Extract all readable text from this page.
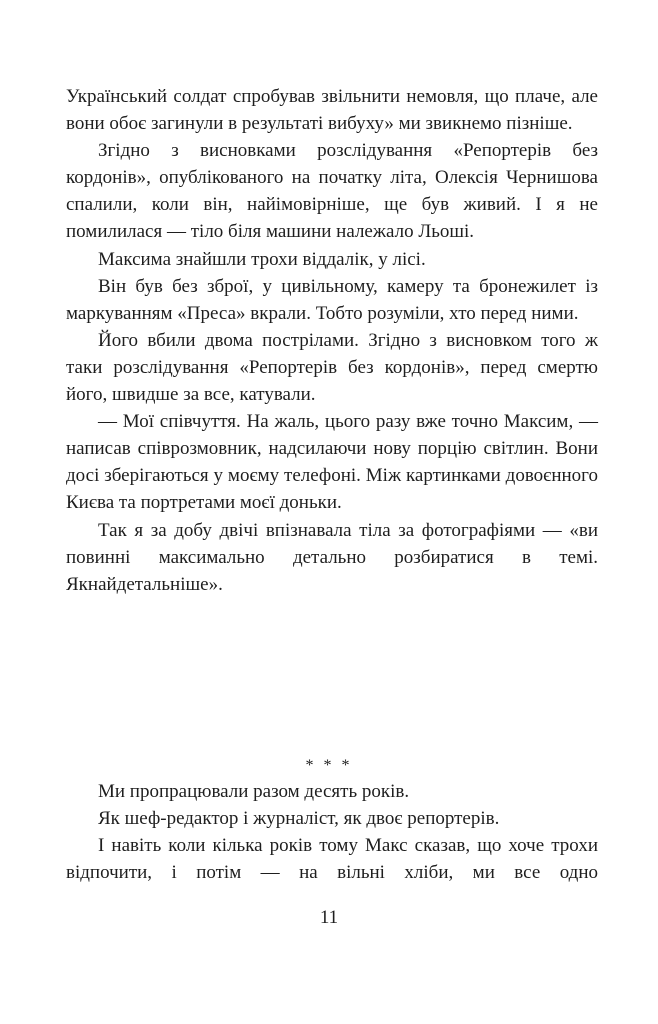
Український солдат спробував звільнити немовля, що плаче, але вони обоє загинули в результаті вибуху» ми звикнемо пізніше.

Згідно з висновками розслідування «Репортерів без кордонів», опублікованого на початку літа, Олексія Чернишова спалили, коли він, найімовірніше, ще був живий. І я не помилилася — тіло біля машини належало Льоші.

Максима знайшли трохи віддалік, у лісі.

Він був без зброї, у цивільному, камеру та бронежилет із маркуванням «Преса» вкрали. Тобто розуміли, хто перед ними.

Його вбили двома пострілами. Згідно з висновком того ж таки розслідування «Репортерів без кордонів», перед смертю його, швидше за все, катували.

— Мої співчуття. На жаль, цього разу вже точно Максим, — написав співрозмовник, надсилаючи нову порцію світлин. Вони досі зберігаються у моєму телефоні. Між картинками довоєнного Києва та портретами моєї доньки.

Так я за добу двічі впізнавала тіла за фотографіями — «ви повинні максимально детально розбиратися в темі. Якнайдетальніше».

* * *

Ми пропрацювали разом десять років.

Як шеф-редактор і журналіст, як двоє репортерів.

І навіть коли кілька років тому Макс сказав, що хоче трохи відпочити, і потім — на вільні хліби, ми все одно

11
